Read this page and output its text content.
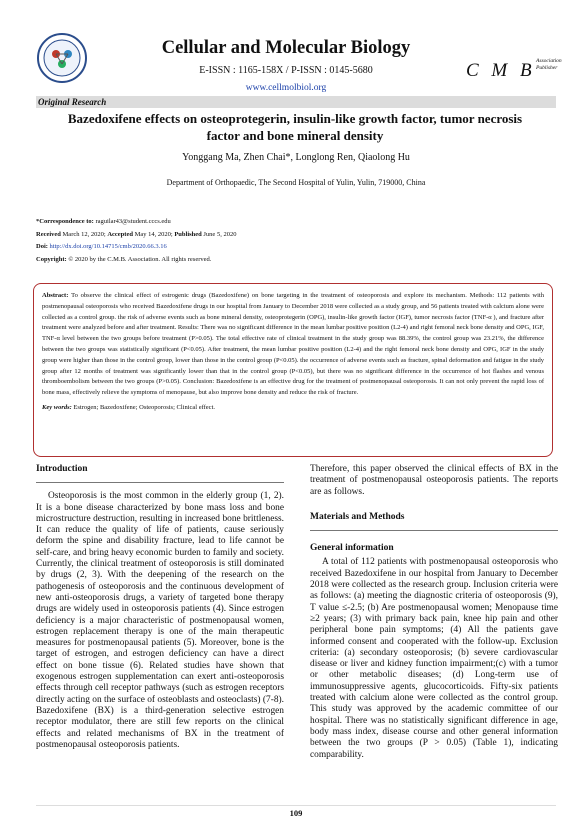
Cellular and Molecular Biology
E-ISSN : 1165-158X / P-ISSN : 0145-5680
www.cellmolbiol.org
C M B Association Publisher
Original Research
Bazedoxifene effects on osteoprotegerin, insulin-like growth factor, tumor necrosis factor and bone mineral density
Yonggang Ma, Zhen Chai*, Longlong Ren, Qiaolong Hu
Department of Orthopaedic, The Second Hospital of Yulin, Yulin, 719000, China
*Correspondence to: raguilar43@student.cccs.edu
Received March 12, 2020; Accepted May 14, 2020; Published June 5, 2020
Doi: http://dx.doi.org/10.14715/cmb/2020.66.3.16
Copyright: © 2020 by the C.M.B. Association. All rights reserved.
Abstract: To observe the clinical effect of estrogenic drugs (Bazedoxifene) on bone targeting in the treatment of osteoporosis and explore its mechanism. Methods: 112 patients with postmenopausal osteoporosis who received Bazedoxifene drugs in our hospital from January to December 2018 were collected as a study group, and 56 patients treated with calcium alone were collected as a control group. the risk of adverse events such as bone mineral density, osteoprotegerin (OPG), insulin-like growth factor (IGF), tumor necrosis factor (TNF-α ), and fracture after treatment were analyzed before and after treatment. Results: There was no significant difference in the mean lumbar positive position (L2-4) and right femoral neck bone density and OPG, IGF, TNF-α level between the two groups before treatment (P>0.05). The total effective rate of clinical treatment in the study group was 88.39%, the control group was 23.21%, the difference between the two groups was statistically significant (P<0.05). After treatment, the mean lumbar positive position (L2-4) and the right femoral neck bone density and OPG, IGF in the study group were higher than those in the control group, lower than those in the control group (P<0.05). the occurrence of adverse events such as fracture, spinal deformation and fatigue in the study group after 12 months of treatment was significantly lower than that in the control group (P<0.05), but there was no significant difference in the occurrence of hot flashes and venous thromboembolism between the two groups (P>0.05). Conclusion: Bazedoxifene is an effective drug for the treatment of postmenopausal osteoporosis. It can not only prevent the rapid loss of bone mass, effectively relieve the symptoms of menopause, but also improve bone density and reduce the risk of fracture.
Key words: Estrogen; Bazedoxifene; Osteoporosis; Clinical effect.
Introduction

Osteoporosis is the most common in the elderly group (1, 2). It is a bone disease characterized by bone mass loss and bone microstructure destruction, resulting in increased bone brittleness. It can reduce the quality of life of patients, cause seriously deform the spine and disability fracture, lead to life cannot be self-care, and bring heavy economic burden to family and society. Currently, the clinical treatment of osteoporosis is still dominated by drugs (2, 3). With the deepening of the research on the pathogenesis of osteoporosis and the continuous development of new anti-osteoporosis drugs, a variety of targeted bone therapy drugs are widely used in osteoporosis patients (4). Since estrogen deficiency is a major characteristic of postmenopausal women, estrogen replacement therapy is one of the main therapeutic measures for postmenopausal patients (5). Moreover, bone is the target of estrogen, and estrogen deficiency can have a direct effect on bone tissue (6). Related studies have shown that exogenous estrogen supplementation can exert anti-osteoporosis effects through cell receptor pathways (such as estrogen receptors directly acting on the surface of osteoblasts and osteoclasts) (7-8). Bazedoxifene (BX) is a third-generation selective estrogen receptor modulator, there are still few reports on the clinical effects and related mechanisms of BX in the treatment of postmenopausal osteoporosis patients.

Therefore, this paper observed the clinical effects of BX in the treatment of postmenopausal osteoporosis patients. The reports are as follows.

Materials and Methods
General information

A total of 112 patients with postmenopausal osteoporosis who received Bazedoxifene in our hospital from January to December 2018 were collected as the research group. Inclusion criteria were as follows: (a) meeting the diagnostic criteria of osteoporosis (9), T value ≤-2.5; (b) Are postmenopausal women; Menopause time ≥2 years; (3) with primary back pain, knee hip pain and other peripheral bone pain symptoms; (4) All the patients gave informed consent and cooperated with the follow-up. Exclusion criteria: (a) secondary osteoporosis; (b) severe cardiovascular disease or liver and kidney function impairment;(c) with a tumor or other metabolic diseases; (d) Long-term use of immunosuppressive agents, glucocorticoids. Fifty-six patients treated with calcium alone were collected as the control group. This study was approved by the academic committee of our hospital. There was no statistically significant difference in age, body mass index, disease course and other general information between the two groups (P > 0.05) (Table 1), indicating comparability.

109
